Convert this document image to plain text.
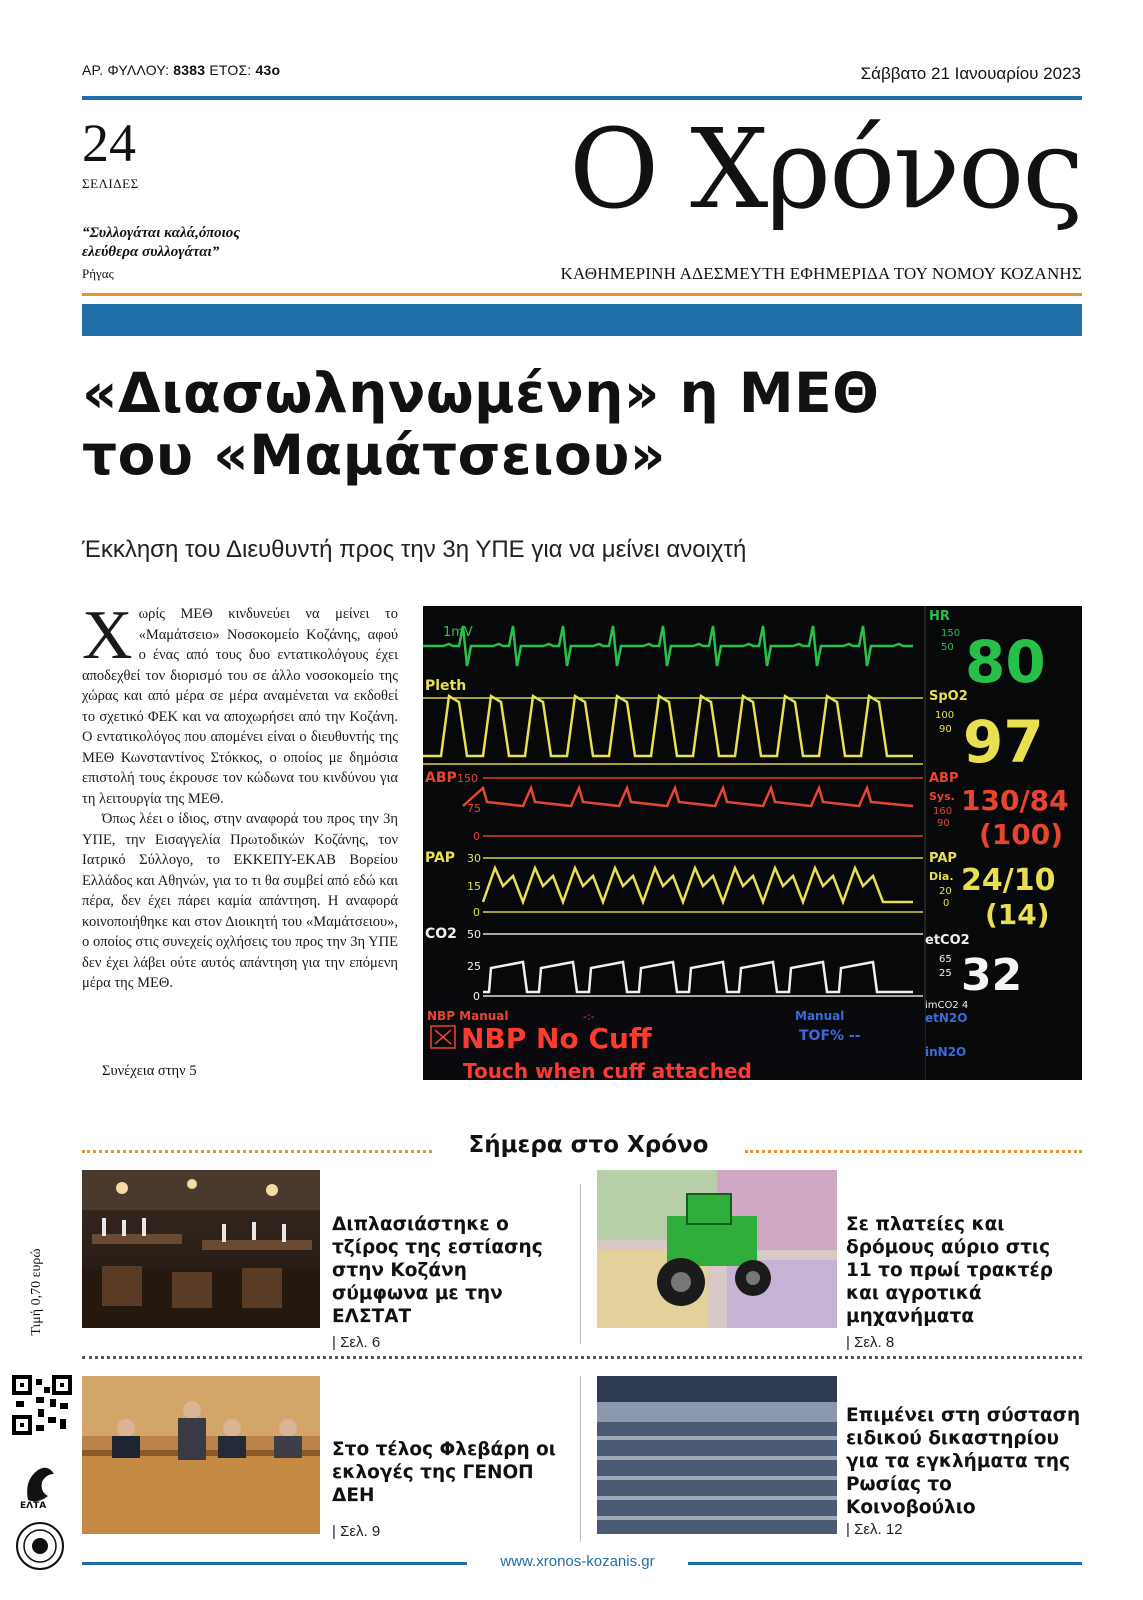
ΑΡ. ΦΥΛΛΟΥ: 8383 ΕΤΟΣ: 43ο	Σάββατο 21 Ιανουαρίου 2023
24
ΣΕΛΙΔΕΣ
“Συλλογάται καλά,όποιος ελεύθερα συλλογάται”
Ρήγας
Ο Χρόνος
ΚΑΘΗΜΕΡΙΝΗ ΑΔΕΣΜΕΥΤΗ ΕΦΗΜΕΡΙΔΑ ΤΟΥ ΝΟΜΟΥ ΚΟΖΑΝΗΣ
«Διασωληνωμένη» η ΜΕΘ
του «Μαμάτσειου»
Έκκληση του Διευθυντή προς την 3η ΥΠΕ για να μείνει ανοιχτή

Χωρίς ΜΕΘ κινδυνεύει να μείνει το «Μαμάτσειο» Νοσοκομείο Κοζάνης, αφού ο ένας από τους δυο εντατικολόγους έχει αποδεχθεί τον διορισμό του σε άλλο νοσοκομείο της χώρας και από μέρα σε μέρα αναμένεται να εκδοθεί το σχετικό ΦΕΚ και να αποχωρήσει από την Κοζάνη. Ο εντατικολόγος που απομένει είναι ο διευθυντής της ΜΕΘ Κωνσταντίνος Στόκκος, ο οποίος με δημόσια επιστολή τους έκρουσε τον κώδωνα του κινδύνου για τη λειτουργία της ΜΕΘ.

Όπως λέει ο ίδιος, στην αναφορά του προς την 3η ΥΠΕ, την Εισαγγελία Πρωτοδικών Κοζάνης, τον Ιατρικό Σύλλογο, το ΕΚΚΕΠΥ-ΕΚΑΒ Βορείου Ελλάδος και Αθηνών, για το τι θα συμβεί από εδώ και πέρα, δεν έχει πάρει καμία απάντηση. Η αναφορά κοινοποιήθηκε και στον Διοικητή του «Μαμάτσειου», ο οποίος στις συνεχείς οχλήσεις του προς την 3η ΥΠΕ δεν έχει λάβει ούτε αυτός απάντηση για την επόμενη μέρα της ΜΕΘ.

Συνέχεια στην 5
1mV
Pleth
ABP 150
75
0
PAP 30
15
0
CO2 50
25
0
NBP Manual	-:-
NBP No Cuff
Touch when cuff attached
Manual
TOF% --
HR
150
50 80
SpO2
100
90 97
ABP
Sys.
160
90
130/84
(100)
PAP
Dia.
20
0
24/10
(14)
etCO2
65
25 32
imCO2 4
etN2O
inN2O
Σήμερα στο Χρόνο
Διπλασιάστηκε ο τζίρος της εστίασης στην Κοζάνη σύμφωνα με την ΕΛΣΤΑΤ
| Σελ. 6
Σε πλατείες και δρόμους αύριο στις 11 το πρωί τρακτέρ και αγροτικά μηχανήματα
| Σελ. 8
Στο τέλος Φλεβάρη οι εκλογές της ΓΕΝΟΠ ΔΕΗ
| Σελ. 9
Επιμένει στη σύσταση ειδικού δικαστηρίου για τα εγκλήματα της Ρωσίας το Κοινοβούλιο
| Σελ. 12
Τιμή 0,70 ευρώ
ΕΛΤΑ
www.xronos-kozanis.gr
